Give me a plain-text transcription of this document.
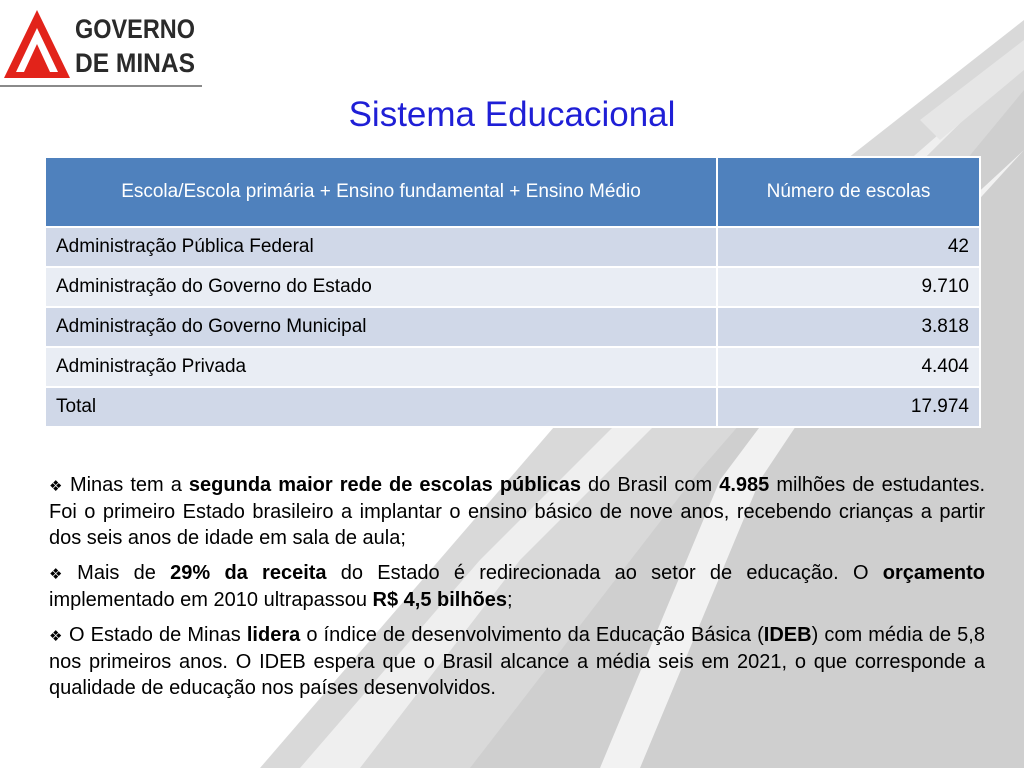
GOVERNO
DE MINAS
Sistema Educacional
Escola/Escola primária + Ensino fundamental + Ensino Médio	Número de escolas
Administração Pública Federal	42
Administração do Governo do Estado	9.710
Administração do Governo Municipal	3.818
Administração Privada	4.404
Total	17.974

❖ Minas tem a segunda maior rede de escolas públicas do Brasil com 4.985 milhões de estudantes. Foi o primeiro Estado brasileiro a implantar o ensino básico de nove anos, recebendo crianças a partir dos seis anos de idade em sala de aula;

❖ Mais de 29% da receita do Estado é redirecionada ao setor de educação. O orçamento implementado em 2010 ultrapassou R$ 4,5 bilhões;

❖ O Estado de Minas lidera o índice de desenvolvimento da Educação Básica (IDEB) com média de 5,8 nos primeiros anos. O IDEB espera que o Brasil alcance a média seis em 2021, o que corresponde a qualidade de educação nos países desenvolvidos.
